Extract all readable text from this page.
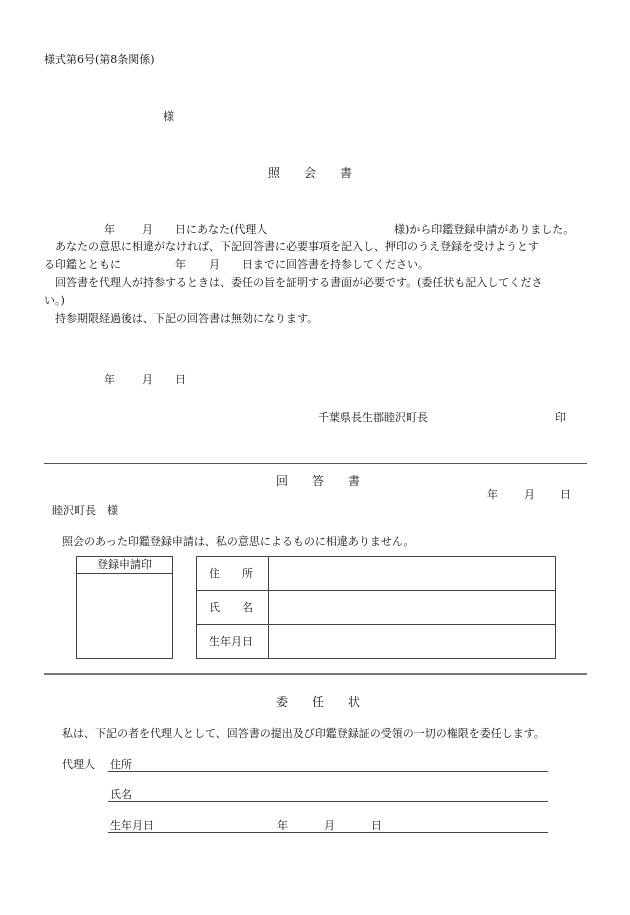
様式第6号(第8条関係)
様
照　　会　　書
年 月 日にあなた(代理人	様)から印鑑登録申請がありました。
　あなたの意思に相違がなければ、下記回答書に必要事項を記入し、押印のうえ登録を受けようとす
る印鑑とともに	年 月 日までに回答書を持参してください。
　回答書を代理人が持参するときは、委任の旨を証明する書面が必要です。(委任状も記入してくださ
い。)
　持参期限経過後は、下記の回答書は無効になります。
年 月 日
千葉県長生郡睦沢町長	印
回　　答　　書
年 月 日
睦沢町長　様
照会のあった印鑑登録申請は、私の意思によるものに相違ありません。
登録申請印
住　　所
氏　　名
生年月日
委　　任　　状
私は、下記の者を代理人として、回答書の提出及び印鑑登録証の受領の一切の権限を委任します。
代理人 住所
氏名
生年月日	年	月	日
